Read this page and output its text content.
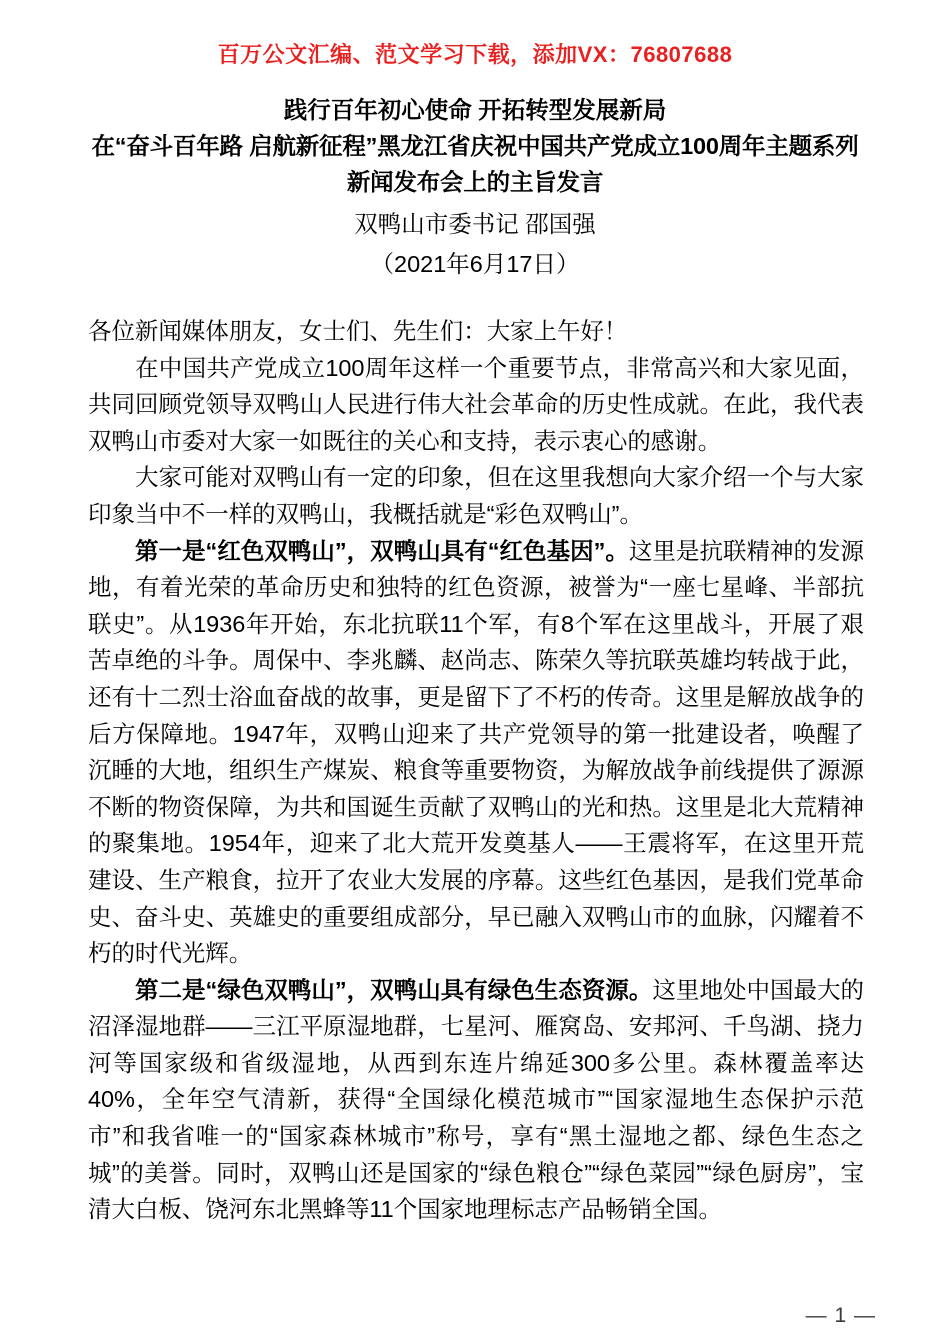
百万公文汇编、范文学习下载，添加VX：76807688
践行百年初心使命 开拓转型发展新局
在“奋斗百年路 启航新征程”黑龙江省庆祝中国共产党成立100周年主题系列新闻发布会上的主旨发言
双鸭山市委书记 邵国强
（2021年6月17日）

各位新闻媒体朋友，女士们、先生们：大家上午好！

在中国共产党成立100周年这样一个重要节点，非常高兴和大家见面，共同回顾党领导双鸭山人民进行伟大社会革命的历史性成就。在此，我代表双鸭山市委对大家一如既往的关心和支持，表示衷心的感谢。

大家可能对双鸭山有一定的印象，但在这里我想向大家介绍一个与大家印象当中不一样的双鸭山，我概括就是“彩色双鸭山”。

第一是“红色双鸭山”，双鸭山具有“红色基因”。这里是抗联精神的发源地，有着光荣的革命历史和独特的红色资源，被誉为“一座七星峰、半部抗联史”。从1936年开始，东北抗联11个军，有8个军在这里战斗，开展了艰苦卓绝的斗争。周保中、李兆麟、赵尚志、陈荣久等抗联英雄均转战于此，还有十二烈士浴血奋战的故事，更是留下了不朽的传奇。这里是解放战争的后方保障地。1947年，双鸭山迎来了共产党领导的第一批建设者，唤醒了沉睡的大地，组织生产煤炭、粮食等重要物资，为解放战争前线提供了源源不断的物资保障，为共和国诞生贡献了双鸭山的光和热。这里是北大荒精神的聚集地。1954年，迎来了北大荒开发奠基人——王震将军，在这里开荒建设、生产粮食，拉开了农业大发展的序幕。这些红色基因，是我们党革命史、奋斗史、英雄史的重要组成部分，早已融入双鸭山市的血脉，闪耀着不朽的时代光辉。

第二是“绿色双鸭山”，双鸭山具有绿色生态资源。这里地处中国最大的沼泽湿地群——三江平原湿地群，七星河、雁窝岛、安邦河、千鸟湖、挠力河等国家级和省级湿地，从西到东连片绵延300多公里。森林覆盖率达40%，全年空气清新，获得“全国绿化模范城市”“国家湿地生态保护示范市”和我省唯一的“国家森林城市”称号，享有“黑土湿地之都、绿色生态之城”的美誉。同时，双鸭山还是国家的“绿色粮仓”“绿色菜园”“绿色厨房”，宝清大白板、饶河东北黑蜂等11个国家地理标志产品畅销全国。

— 1 —
